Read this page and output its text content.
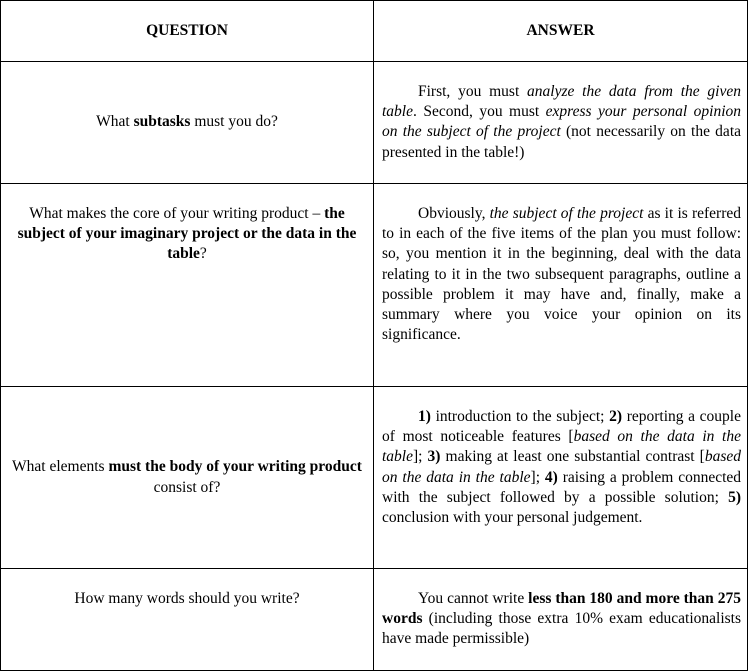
QUESTION	ANSWER
What subtasks must you do?	First, you must analyze the data from the given table. Second, you must express your personal opinion on the subject of the project (not necessarily on the data presented in the table!)

What makes the core of your writing product – the subject of your imaginary project or the data in the table?	Obviously, the subject of the project as it is referred to in each of the five items of the plan you must follow: so, you mention it in the beginning, deal with the data relating to it in the two subsequent paragraphs, outline a possible problem it may have and, finally, make a summary where you voice your opinion on its significance.

What elements must the body of your writing product consist of?	1) introduction to the subject; 2) reporting a couple of most noticeable features [based on the data in the table]; 3) making at least one substantial contrast [based on the data in the table]; 4) raising a problem connected with the subject followed by a possible solution; 5) conclusion with your personal judgement.

How many words should you write?	You cannot write less than 180 and more than 275 words (including those extra 10% exam educationalists have made permissible)
